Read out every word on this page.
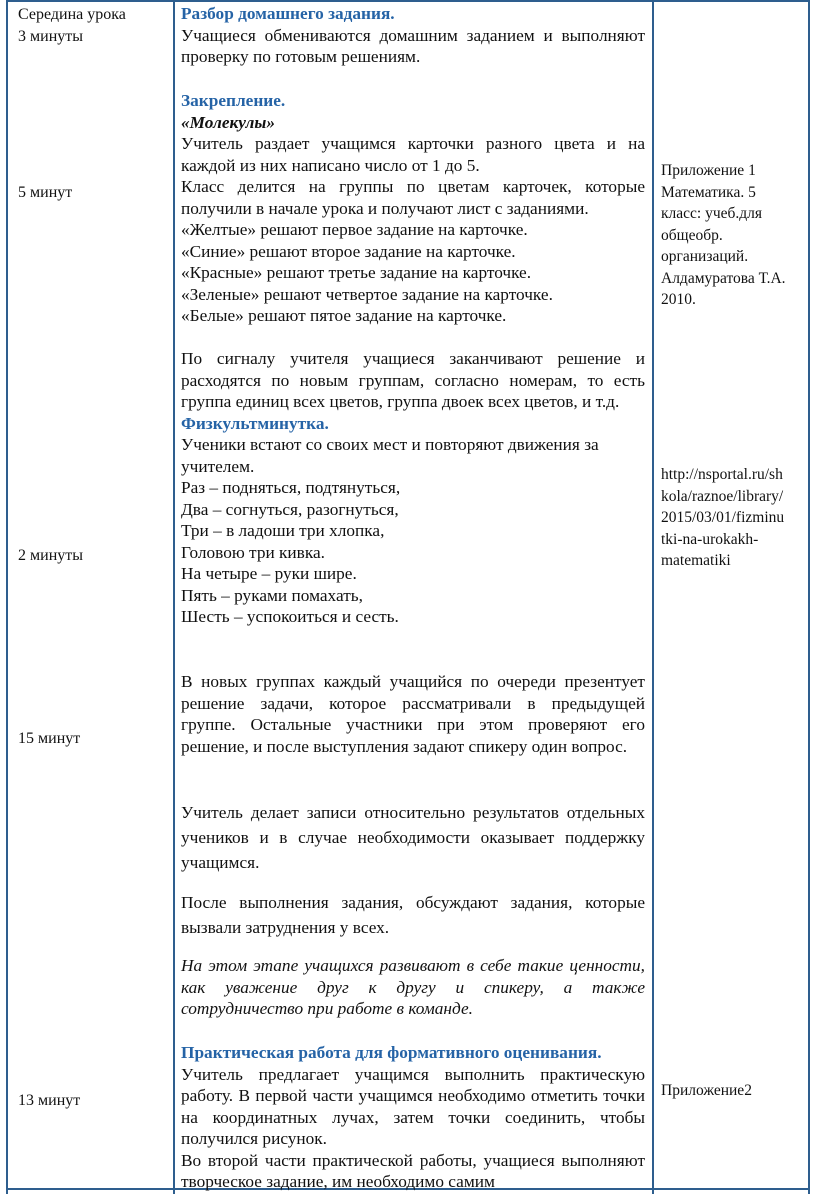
Середина урока
3 минуты
5 минут
2 минуты
15 минут
13 минут

Разбор домашнего задания.

Учащиеся обмениваются домашним заданием и выполняют проверку по готовым решениям.

Закрепление.

«Молекулы»

Учитель раздает учащимся карточки разного цвета и на каждой из них написано число от 1 до 5.

Класс делится на группы по цветам карточек, которые получили в начале урока и получают лист с заданиями.

«Желтые» решают первое задание на карточке.

«Синие» решают второе задание на карточке.

«Красные» решают третье задание на карточке.

«Зеленые» решают четвертое задание на карточке.

«Белые» решают пятое задание на карточке.

По сигналу учителя учащиеся заканчивают решение и расходятся по новым группам, согласно номерам, то есть группа единиц всех цветов, группа двоек всех цветов, и т.д.

Физкультминутка.

Ученики встают со своих мест и повторяют движения за учителем.

Раз – подняться, подтянуться,

Два – согнуться, разогнуться,

Три – в ладоши три хлопка,

Головою три кивка.

На четыре – руки шире.

Пять – руками помахать,

Шесть – успокоиться и сесть.

В новых группах каждый учащийся по очереди презентует решение задачи, которое рассматривали в предыдущей группе. Остальные участники при этом проверяют его решение, и после выступления задают спикеру один вопрос.

Учитель делает записи относительно результатов отдельных учеников и в случае необходимости оказывает поддержку учащимся.

После выполнения задания, обсуждают задания, которые вызвали затруднения у всех.

На этом этапе учащихся развивают в себе такие ценности, как уважение друг к другу и спикеру, а также сотрудничество при работе в команде.

Практическая работа для формативного оценивания.

Учитель предлагает учащимся выполнить практическую работу. В первой части учащимся необходимо отметить точки на координатных лучах, затем точки соединить, чтобы получился рисунок.

Во второй части практической работы, учащиеся выполняют творческое задание, им необходимо самим

Приложение 1
Математика. 5
класс: учеб.для
общеобр.
организаций.
Алдамуратова Т.А.
2010.
http://nsportal.ru/sh
kola/raznoe/library/
2015/03/01/fizminu
tki-na-urokakh-
matematiki
Приложение2
